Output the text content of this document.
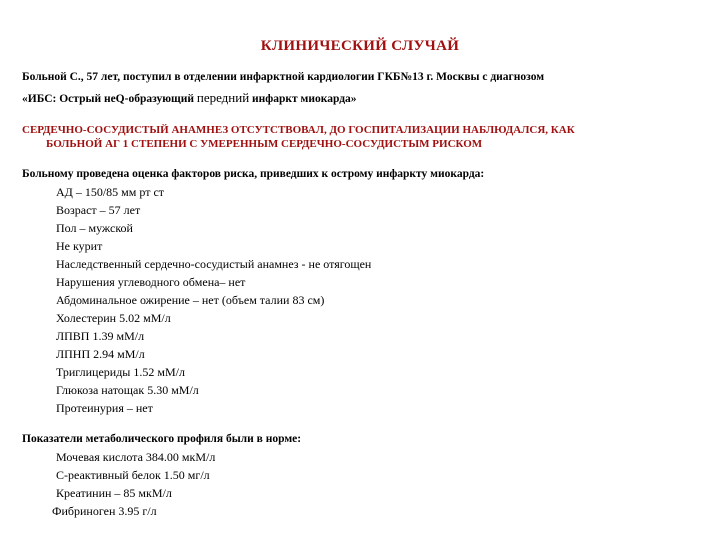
КЛИНИЧЕСКИЙ СЛУЧАЙ
Больной С., 57 лет, поступил в отделении инфарктной кардиологии ГКБ№13 г. Москвы с диагнозом
«ИБС: Острый неQ-образующий передний инфаркт миокарда»
СЕРДЕЧНО-СОСУДИСТЫЙ АНАМНЕЗ ОТСУТСТВОВАЛ, ДО ГОСПИТАЛИЗАЦИИ НАБЛЮДАЛСЯ, КАК
БОЛЬНОЙ АГ 1 СТЕПЕНИ С УМЕРЕННЫМ СЕРДЕЧНО-СОСУДИСТЫМ РИСКОМ
Больному проведена оценка факторов риска, приведших к острому инфаркту миокарда:
АД – 150/85 мм рт ст
Возраст – 57 лет
Пол – мужской
Не курит
Наследственный сердечно-сосудистый анамнез - не отягощен
Нарушения углеводного обмена– нет
Абдоминальное ожирение – нет (объем талии 83 см)
Холестерин 5.02 мМ/л
ЛПВП 1.39 мМ/л
ЛПНП 2.94 мМ/л
Триглицериды 1.52 мМ/л
Глюкоза натощак 5.30 мМ/л
Протеинурия – нет
Показатели метаболического профиля были в норме:
Мочевая кислота 384.00 мкМ/л
С-реактивный белок 1.50 мг/л
Креатинин – 85 мкМ/л
Фибриноген 3.95 г/л
